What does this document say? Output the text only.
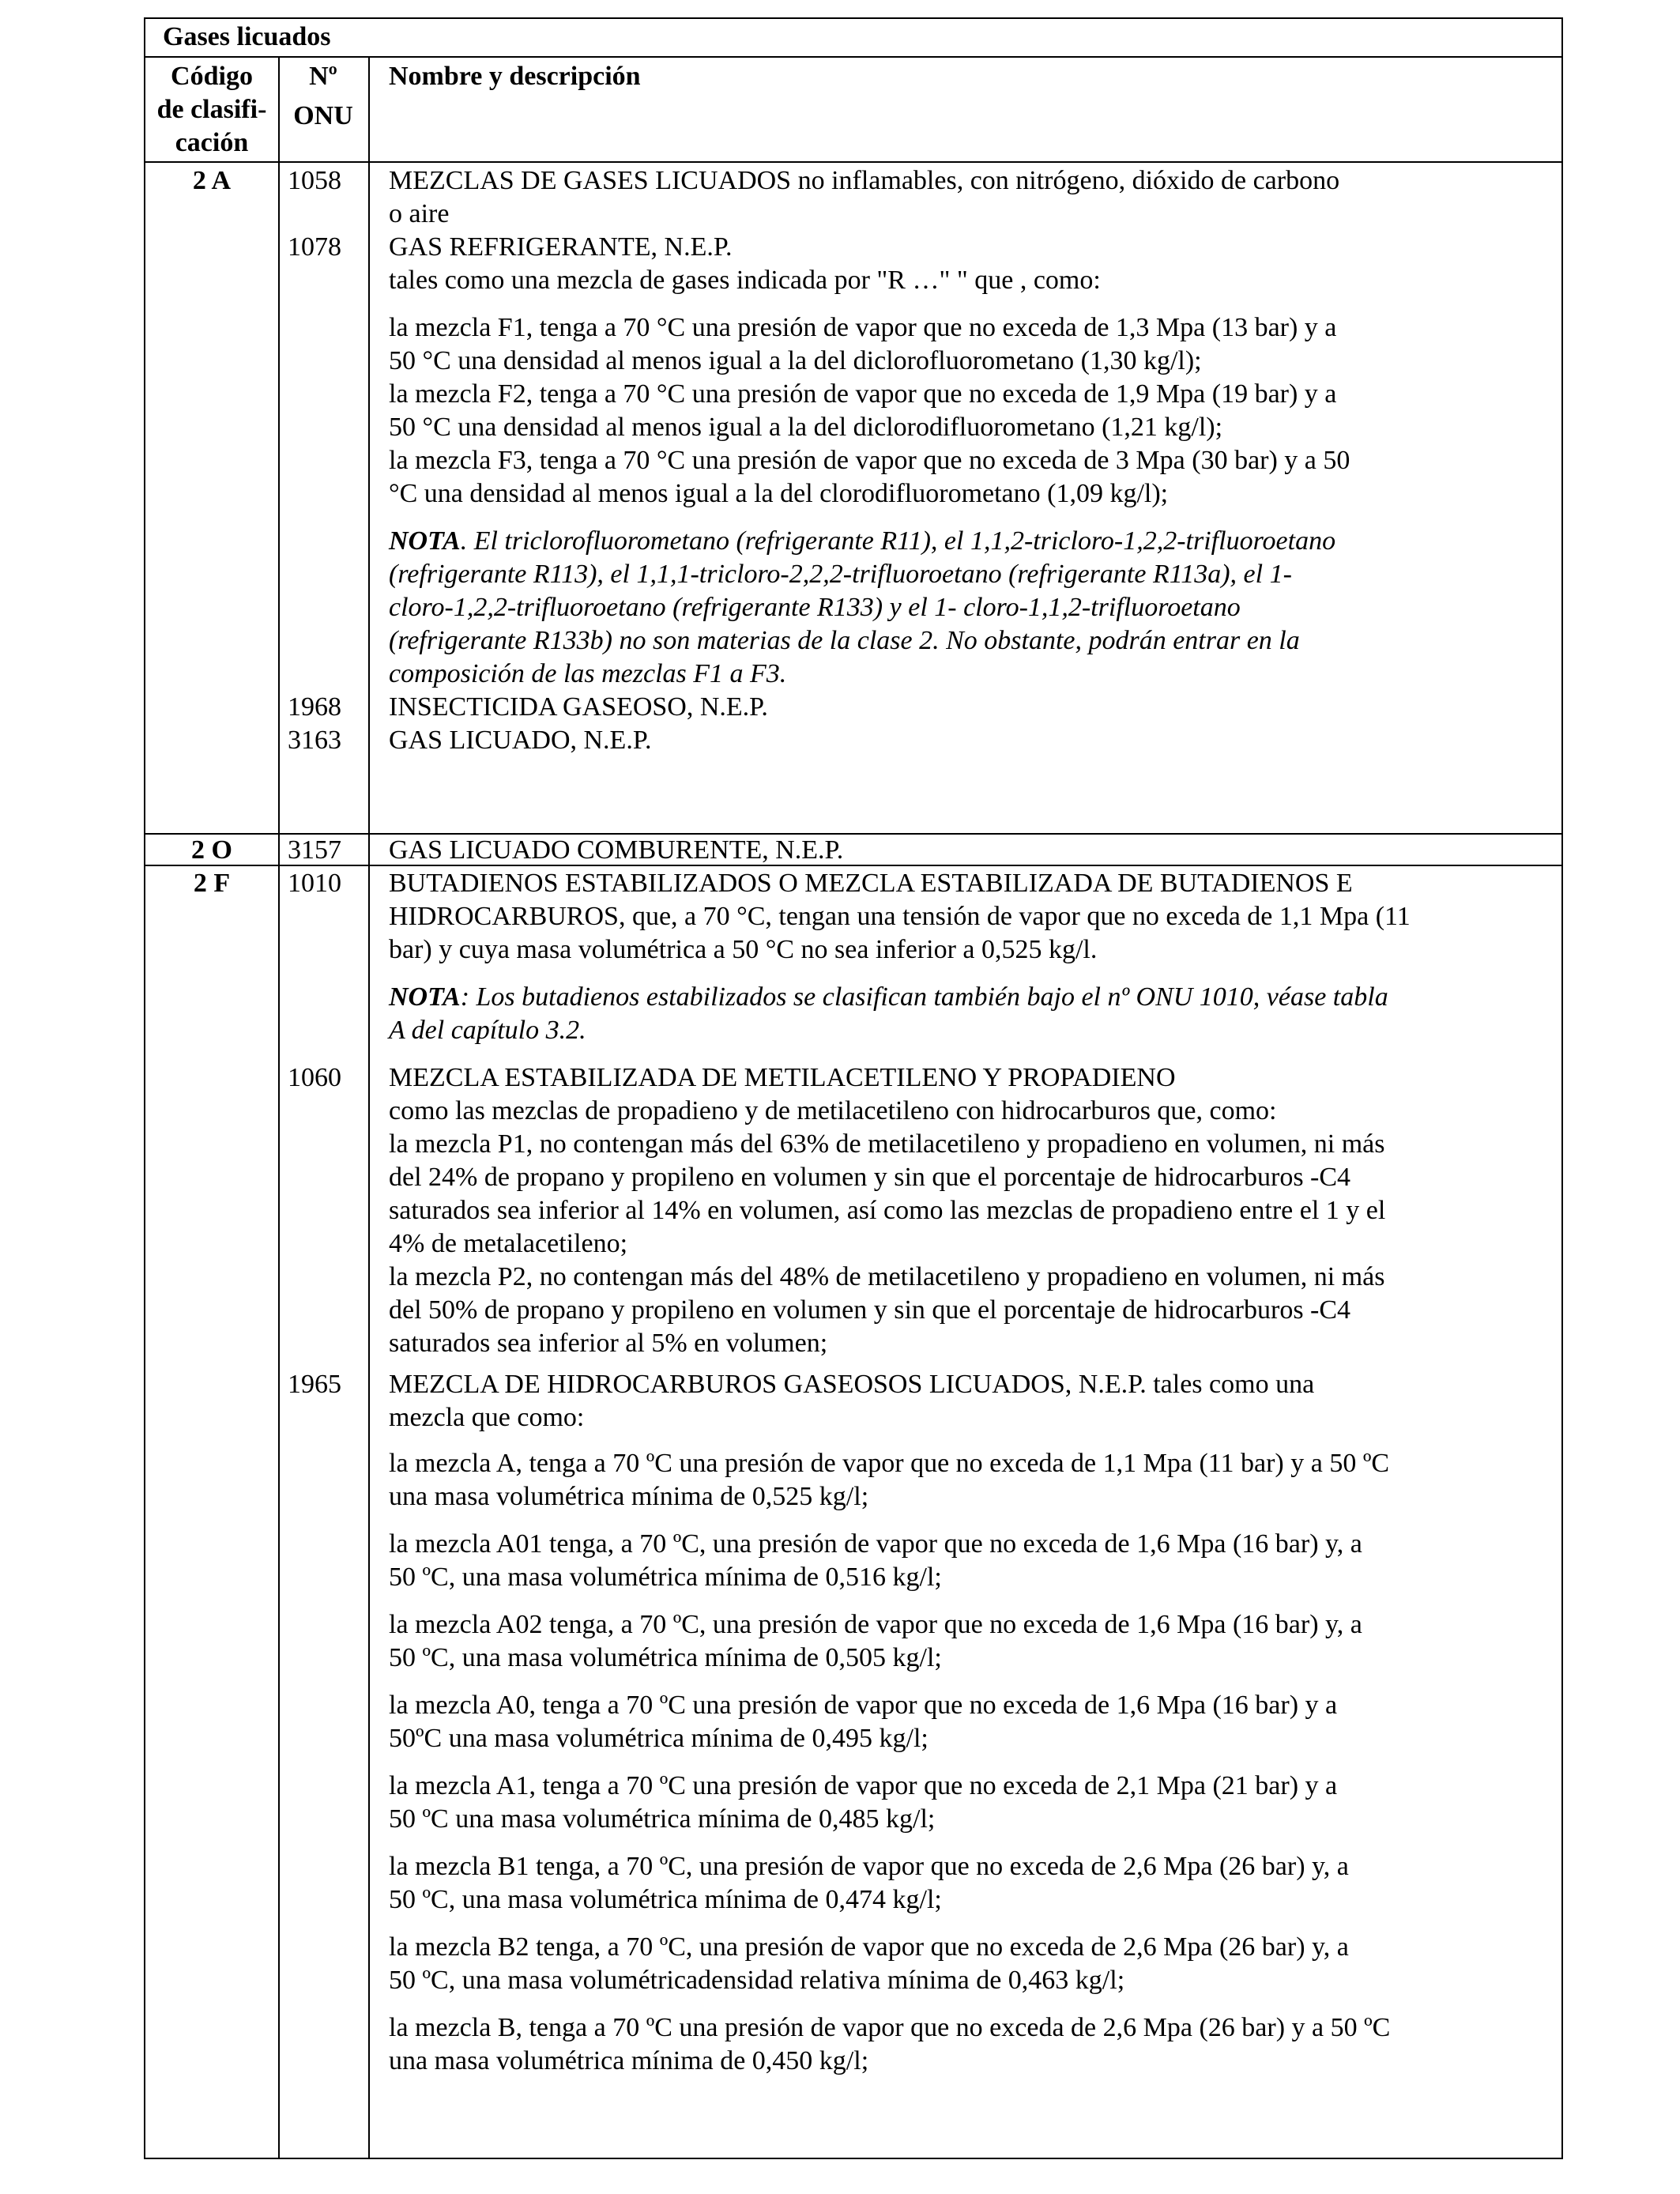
Gases licuados
Código
de clasifi-
cación
Nº
ONU
Nombre y descripción
2 A
2 O
2 F
1058 MEZCLAS DE GASES LICUADOS no inflamables, con nitrógeno, dióxido de carbono
o aire
1078 GAS REFRIGERANTE, N.E.P.
tales como una mezcla de gases indicada por "R …" " que , como:
la mezcla F1, tenga a 70 °C una presión de vapor que no exceda de 1,3 Mpa (13 bar) y a
50 °C una densidad al menos igual a la del diclorofluorometano (1,30 kg/l);
la mezcla F2, tenga a 70 °C una presión de vapor que no exceda de 1,9 Mpa (19 bar) y a
50 °C una densidad al menos igual a la del diclorodifluorometano (1,21 kg/l);
la mezcla F3, tenga a 70 °C una presión de vapor que no exceda de 3 Mpa (30 bar) y a 50
°C una densidad al menos igual a la del clorodifluorometano (1,09 kg/l);
NOTA. El triclorofluorometano (refrigerante R11), el 1,1,2-tricloro-1,2,2-trifluoroetano
(refrigerante R113), el 1,1,1-tricloro-2,2,2-trifluoroetano (refrigerante R113a), el 1-
cloro-1,2,2-trifluoroetano (refrigerante R133) y el 1- cloro-1,1,2-trifluoroetano
(refrigerante R133b) no son materias de la clase 2. No obstante, podrán entrar en la
composición de las mezclas F1 a F3.
1968 INSECTICIDA GASEOSO, N.E.P.
3163 GAS LICUADO, N.E.P.
3157 GAS LICUADO COMBURENTE, N.E.P.
1010 BUTADIENOS ESTABILIZADOS O MEZCLA ESTABILIZADA DE BUTADIENOS E
HIDROCARBUROS, que, a 70 °C, tengan una tensión de vapor que no exceda de 1,1 Mpa (11
bar) y cuya masa volumétrica a 50 °C no sea inferior a 0,525 kg/l.
NOTA: Los butadienos estabilizados se clasifican también bajo el nº ONU 1010, véase tabla
A del capítulo 3.2.
1060 MEZCLA ESTABILIZADA DE METILACETILENO Y PROPADIENO
como las mezclas de propadieno y de metilacetileno con hidrocarburos que, como:
la mezcla P1, no contengan más del 63% de metilacetileno y propadieno en volumen, ni más
del 24% de propano y propileno en volumen y sin que el porcentaje de hidrocarburos -C4
saturados sea inferior al 14% en volumen, así como las mezclas de propadieno entre el 1 y el
4% de metalacetileno;
la mezcla P2, no contengan más del 48% de metilacetileno y propadieno en volumen, ni más
del 50% de propano y propileno en volumen y sin que el porcentaje de hidrocarburos -C4
saturados sea inferior al 5% en volumen;
1965 MEZCLA DE HIDROCARBUROS GASEOSOS LICUADOS, N.E.P. tales como una
mezcla que como:
la mezcla A, tenga a 70 ºC una presión de vapor que no exceda de 1,1 Mpa (11 bar) y a 50 ºC
una masa volumétrica mínima de 0,525 kg/l;
la mezcla A01 tenga, a 70 ºC, una presión de vapor que no exceda de 1,6 Mpa (16 bar) y, a
50 ºC, una masa volumétrica mínima de 0,516 kg/l;
la mezcla A02 tenga, a 70 ºC, una presión de vapor que no exceda de 1,6 Mpa (16 bar) y, a
50 ºC, una masa volumétrica mínima de 0,505 kg/l;
la mezcla A0, tenga a 70 ºC una presión de vapor que no exceda de 1,6 Mpa (16 bar) y a
50ºC una masa volumétrica mínima de 0,495 kg/l;
la mezcla A1, tenga a 70 ºC una presión de vapor que no exceda de 2,1 Mpa (21 bar) y a
50 ºC una masa volumétrica mínima de 0,485 kg/l;
la mezcla B1 tenga, a 70 ºC, una presión de vapor que no exceda de 2,6 Mpa (26 bar) y, a
50 ºC, una masa volumétrica mínima de 0,474 kg/l;
la mezcla B2 tenga, a 70 ºC, una presión de vapor que no exceda de 2,6 Mpa (26 bar) y, a
50 ºC, una masa volumétricadensidad relativa mínima de 0,463 kg/l;
la mezcla B, tenga a 70 ºC una presión de vapor que no exceda de 2,6 Mpa (26 bar) y a 50 ºC
una masa volumétrica mínima de 0,450 kg/l;
